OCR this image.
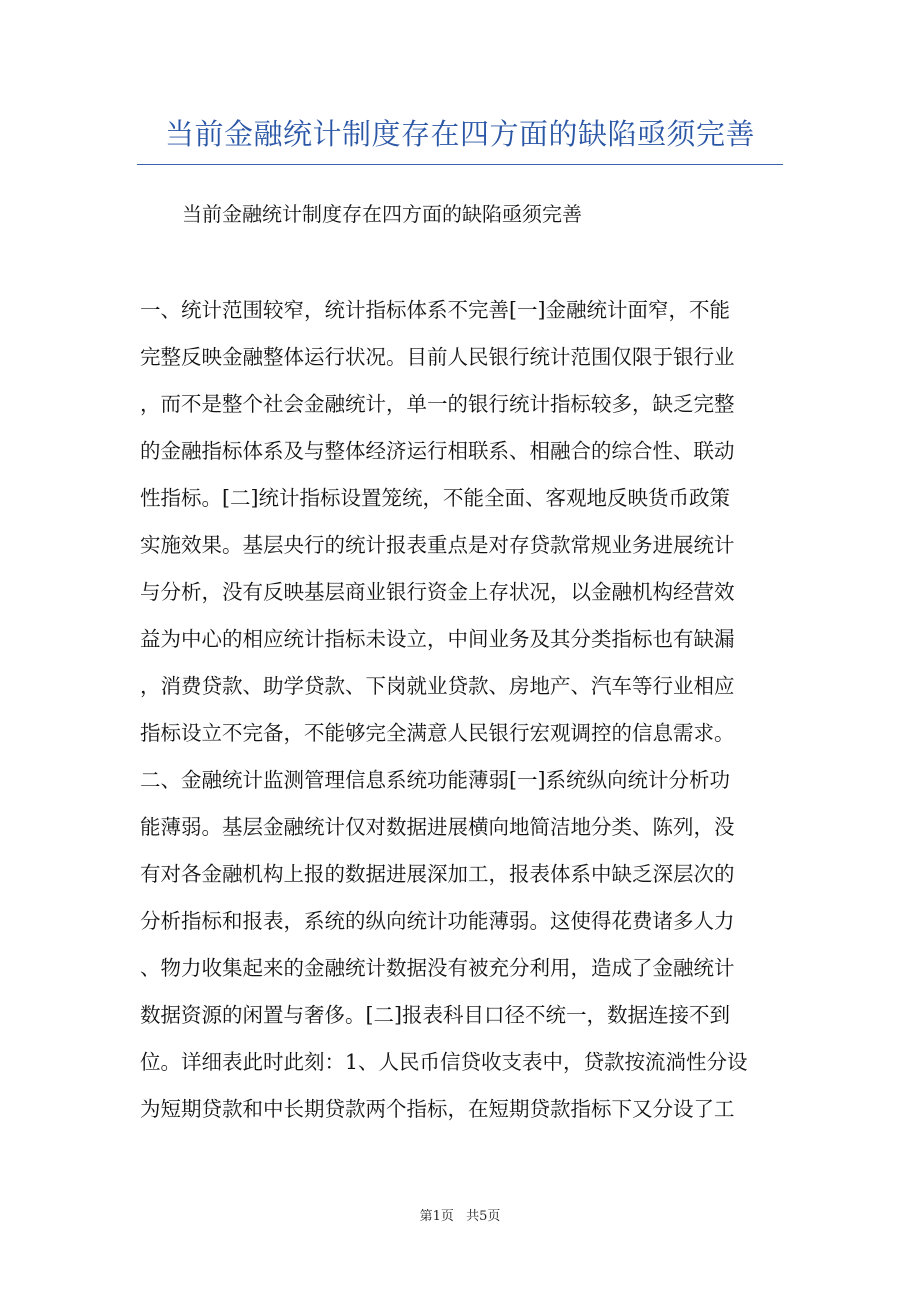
当前金融统计制度存在四方面的缺陷亟须完善
当前金融统计制度存在四方面的缺陷亟须完善
一、统计范围较窄，统计指标体系不完善[一]金融统计面窄，不能
完整反映金融整体运行状况。目前人民银行统计范围仅限于银行业
，而不是整个社会金融统计，单一的银行统计指标较多，缺乏完整
的金融指标体系及与整体经济运行相联系、相融合的综合性、联动
性指标。[二]统计指标设置笼统，不能全面、客观地反映货币政策
实施效果。基层央行的统计报表重点是对存贷款常规业务进展统计
与分析，没有反映基层商业银行资金上存状况，以金融机构经营效
益为中心的相应统计指标未设立，中间业务及其分类指标也有缺漏
，消费贷款、助学贷款、下岗就业贷款、房地产、汽车等行业相应
指标设立不完备，不能够完全满意人民银行宏观调控的信息需求。
二、金融统计监测管理信息系统功能薄弱[一]系统纵向统计分析功
能薄弱。基层金融统计仅对数据进展横向地简洁地分类、陈列，没
有对各金融机构上报的数据进展深加工，报表体系中缺乏深层次的
分析指标和报表，系统的纵向统计功能薄弱。这使得花费诸多人力
、物力收集起来的金融统计数据没有被充分利用，造成了金融统计
数据资源的闲置与奢侈。[二]报表科目口径不统一，数据连接不到
位。详细表此时此刻：1、人民币信贷收支表中，贷款按流淌性分设
为短期贷款和中长期贷款两个指标，在短期贷款指标下又分设了工
第1页 共5页
